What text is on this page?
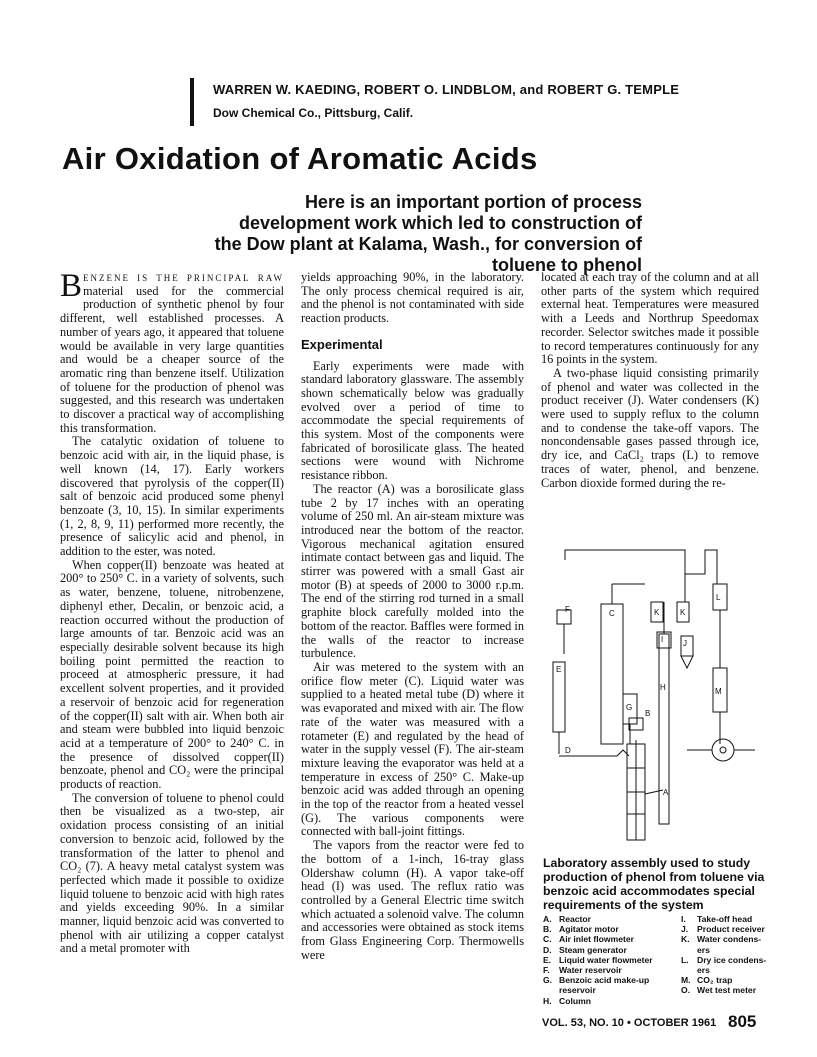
WARREN W. KAEDING, ROBERT O. LINDBLOM, and ROBERT G. TEMPLE
Dow Chemical Co., Pittsburg, Calif.
Air Oxidation of Aromatic Acids
Here is an important portion of process development work which led to construction of the Dow plant at Kalama, Wash., for conversion of toluene to phenol

Benzene is the principal raw material used for the commercial production of synthetic phenol by four different, well established processes. A number of years ago, it appeared that toluene would be available in very large quantities and would be a cheaper source of the aromatic ring than benzene itself. Utilization of toluene for the production of phenol was suggested, and this research was undertaken to discover a practical way of accomplishing this transformation.

The catalytic oxidation of toluene to benzoic acid with air, in the liquid phase, is well known (14, 17). Early workers discovered that pyrolysis of the copper(II) salt of benzoic acid produced some phenyl benzoate (3, 10, 15). In similar experiments (1, 2, 8, 9, 11) performed more recently, the presence of salicylic acid and phenol, in addition to the ester, was noted.

When copper(II) benzoate was heated at 200° to 250° C. in a variety of solvents, such as water, benzene, toluene, nitrobenzene, diphenyl ether, Decalin, or benzoic acid, a reaction occurred without the production of large amounts of tar. Benzoic acid was an especially desirable solvent because its high boiling point permitted the reaction to proceed at atmospheric pressure, it had excellent solvent properties, and it provided a reservoir of benzoic acid for regeneration of the copper(II) salt with air. When both air and steam were bubbled into liquid benzoic acid at a temperature of 200° to 240° C. in the presence of dissolved copper(II) benzoate, phenol and CO₂ were the principal products of reaction.

The conversion of toluene to phenol could then be visualized as a two-step, air oxidation process consisting of an initial conversion to benzoic acid, followed by the transformation of the latter to phenol and CO₂ (7). A heavy metal catalyst system was perfected which made it possible to oxidize liquid toluene to benzoic acid with high rates and yields exceeding 90%. In a similar manner, liquid benzoic acid was converted to phenol with air utilizing a copper catalyst and a metal promoter with

yields approaching 90%, in the laboratory. The only process chemical required is air, and the phenol is not contaminated with side reaction products.

Experimental

Early experiments were made with standard laboratory glassware. The assembly shown schematically below was gradually evolved over a period of time to accommodate the special requirements of this system. Most of the components were fabricated of borosilicate glass. The heated sections were wound with Nichrome resistance ribbon.

The reactor (A) was a borosilicate glass tube 2 by 17 inches with an operating volume of 250 ml. An air-steam mixture was introduced near the bottom of the reactor. Vigorous mechanical agitation ensured intimate contact between gas and liquid. The stirrer was powered with a small Gast air motor (B) at speeds of 2000 to 3000 r.p.m. The end of the stirring rod turned in a small graphite block carefully molded into the bottom of the reactor. Baffles were formed in the walls of the reactor to increase turbulence.

Air was metered to the system with an orifice flow meter (C). Liquid water was supplied to a heated metal tube (D) where it was evaporated and mixed with air. The flow rate of the water was measured with a rotameter (E) and regulated by the head of water in the supply vessel (F). The air-steam mixture leaving the evaporator was held at a temperature in excess of 250° C. Make-up benzoic acid was added through an opening in the top of the reactor from a heated vessel (G). The various components were connected with ball-joint fittings.

The vapors from the reactor were fed to the bottom of a 1-inch, 16-tray glass Oldershaw column (H). A vapor take-off head (I) was used. The reflux ratio was controlled by a General Electric time switch which actuated a solenoid valve. The column and accessories were obtained as stock items from Glass Engineering Corp. Thermowells were

located at each tray of the column and at all other parts of the system which required external heat. Temperatures were measured with a Leeds and Northrup Speedomax recorder. Selector switches made it possible to record temperatures continuously for any 16 points in the system.

A two-phase liquid consisting primarily of phenol and water was collected in the product receiver (J). Water condensers (K) were used to supply reflux to the column and to condense the take-off vapors. The noncondensable gases passed through ice, dry ice, and CaCl₂ traps (L) to remove traces of water, phenol, and benzene. Carbon dioxide formed during the re-

F	C
E
D
G
B
A
H
I J
K	K
L
M
Laboratory assembly used to study production of phenol from toluene via benzoic acid accommodates special requirements of the system
A. Reactor
B. Agitator motor
C. Air inlet flowmeter
D. Steam generator
E. Liquid water flowmeter
F. Water reservoir
G. Benzoic acid make-up
reservoir
H. Column
I. Take-off head
J. Product receiver
K. Water condens-
ers
L. Dry ice condens-
ers
M. CO₂ trap
O. Wet test meter
VOL. 53, NO. 10 • OCTOBER 1961 805
